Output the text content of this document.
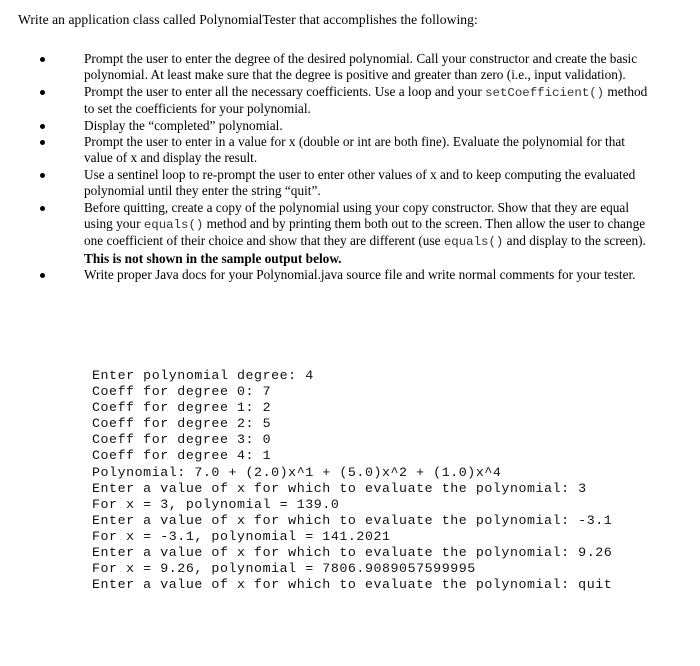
Write an application class called PolynomialTester that accomplishes the following:
Prompt the user to enter the degree of the desired polynomial. Call your constructor and create the basic polynomial. At least make sure that the degree is positive and greater than zero (i.e., input validation).
Prompt the user to enter all the necessary coefficients. Use a loop and your setCoefficient() method to set the coefficients for your polynomial.
Display the “completed” polynomial.
Prompt the user to enter in a value for x (double or int are both fine). Evaluate the polynomial for that value of x and display the result.
Use a sentinel loop to re-prompt the user to enter other values of x and to keep computing the evaluated polynomial until they enter the string “quit”.
Before quitting, create a copy of the polynomial using your copy constructor. Show that they are equal using your equals() method and by printing them both out to the screen. Then allow the user to change one coefficient of their choice and show that they are different (use equals() and display to the screen). This is not shown in the sample output below.
Write proper Java docs for your Polynomial.java source file and write normal comments for your tester.
Enter polynomial degree: 4
Coeff for degree 0: 7
Coeff for degree 1: 2
Coeff for degree 2: 5
Coeff for degree 3: 0
Coeff for degree 4: 1
Polynomial: 7.0 + (2.0)x^1 + (5.0)x^2 + (1.0)x^4
Enter a value of x for which to evaluate the polynomial: 3
For x = 3, polynomial = 139.0
Enter a value of x for which to evaluate the polynomial: -3.1
For x = -3.1, polynomial = 141.2021
Enter a value of x for which to evaluate the polynomial: 9.26
For x = 9.26, polynomial = 7806.9089057599995
Enter a value of x for which to evaluate the polynomial: quit
